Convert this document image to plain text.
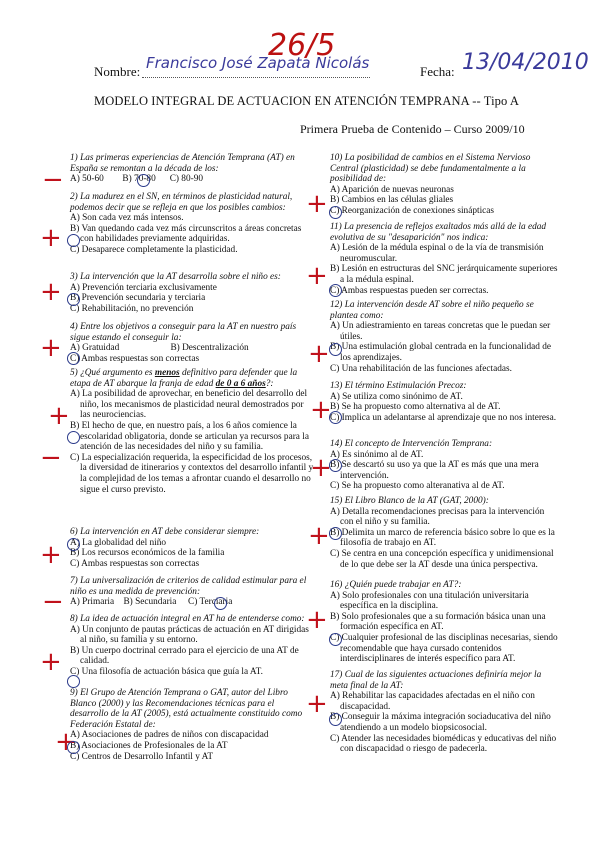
26/5
Nombre: Francisco José Zapata Nicolás	Fecha: 13/04/2010
MODELO INTEGRAL DE ACTUACION EN ATENCIÓN TEMPRANA -- Tipo A
Primera Prueba de Contenido – Curso 2009/10
1) Las primeras experiencias de Atención Temprana (AT) en España se remontan a la década de los:
A) 50-60 B) 70-80 C) 80-90
2) La madurez en el SN, en términos de plasticidad natural, podemos decir que se refleja en que los posibles cambios:
A) Son cada vez más intensos.
B) Van quedando cada vez más circunscritos a áreas concretas con habilidades previamente adquiridas.
C) Desaparece completamente la plasticidad.
3) La intervención que la AT desarrolla sobre el niño es:
A) Prevención terciaria exclusivamente
B) Prevención secundaria y terciaria
C) Rehabilitación, no prevención
4) Entre los objetivos a conseguir para la AT en nuestro país sigue estando el conseguir la:
A) Gratuidad	B) Descentralización
C) Ambas respuestas son correctas
5) ¿Qué argumento es menos definitivo para defender que la etapa de AT abarque la franja de edad de 0 a 6 años?:
A) La posibilidad de aprovechar, en beneficio del desarrollo del niño, los mecanismos de plasticidad neural demostrados por las neurociencias.
B) El hecho de que, en nuestro país, a los 6 años comience la escolaridad obligatoria, donde se articulan ya recursos para la atención de las necesidades del niño y su familia.
C) La especialización requerida, la especificidad de los procesos, la diversidad de itinerarios y contextos del desarrollo infantil y la complejidad de los temas a afrontar cuando el desarrollo no sigue el curso previsto.
6) La intervención en AT debe considerar siempre:
A) La globalidad del niño
B) Los recursos económicos de la familia
C) Ambas respuestas son correctas
7) La universalización de criterios de calidad estimular para el niño es una medida de prevención:
A) Primaria B) Secundaria C) Terciaria
8) La idea de actuación integral en AT ha de entenderse como:
A) Un conjunto de pautas prácticas de actuación en AT dirigidas al niño, su familia y su entorno.
B) Un cuerpo doctrinal cerrado para el ejercicio de una AT de calidad.
C) Una filosofía de actuación básica que guía la AT.
9) El Grupo de Atención Temprana o GAT, autor del Libro Blanco (2000) y las Recomendaciones técnicas para el desarrollo de la AT (2005), está actualmente constituido como Federación Estatal de:
A) Asociaciones de padres de niños con discapacidad
B) Asociaciones de Profesionales de la AT
C) Centros de Desarrollo Infantil y AT
10) La posibilidad de cambios en el Sistema Nervioso Central (plasticidad) se debe fundamentalmente a la posibilidad de:
A) Aparición de nuevas neuronas
B) Cambios en las células gliales
C) Reorganización de conexiones sinápticas
11) La presencia de reflejos exaltados más allá de la edad evolutiva de su "desaparición" nos indica:
A) Lesión de la médula espinal o de la vía de transmisión neuromuscular.
B) Lesión en estructuras del SNC jerárquicamente superiores a la médula espinal.
C) Ambas respuestas pueden ser correctas.
12) La intervención desde AT sobre el niño pequeño se plantea como:
A) Un adiestramiento en tareas concretas que le puedan ser útiles.
B) Una estimulación global centrada en la funcionalidad de los aprendizajes.
C) Una rehabilitación de las funciones afectadas.
13) El término Estimulación Precoz:
A) Se utiliza como sinónimo de AT.
B) Se ha propuesto como alternativa al de AT.
C) Implica un adelantarse al aprendizaje que no nos interesa.
14) El concepto de Intervención Temprana:
A) Es sinónimo al de AT.
B) Se descartó su uso ya que la AT es más que una mera intervención.
C) Se ha propuesto como alteranativa al de AT.
15) El Libro Blanco de la AT (GAT, 2000):
A) Detalla recomendaciones precisas para la intervención con el niño y su familia.
B) Delimita un marco de referencia básico sobre lo que es la filosofía de trabajo en AT.
C) Se centra en una concepción específica y unidimensional de lo que debe ser la AT desde una única perspectiva.
16) ¿Quién puede trabajar en AT?:
A) Solo profesionales con una titulación universitaria específica en la disciplina.
B) Solo profesionales que a su formación básica unan una formación específica en AT.
C) Cualquier profesional de las disciplinas necesarias, siendo recomendable que haya cursado contenidos interdisciplinares de interés específico para AT.
17) Cual de las siguientes actuaciones definiría mejor la meta final de la AT:
A) Rehabilitar las capacidades afectadas en el niño con discapacidad.
B) Conseguir la máxima integración sociaducativa del niño atendiendo a un modelo biopsicosocial.
C) Atender las necesidades biomédicas y educativas del niño con discapacidad o riesgo de padecerla.
−
+
+
+
−
+
−
+
+
+
+
+
+
+
+
+
+
+
